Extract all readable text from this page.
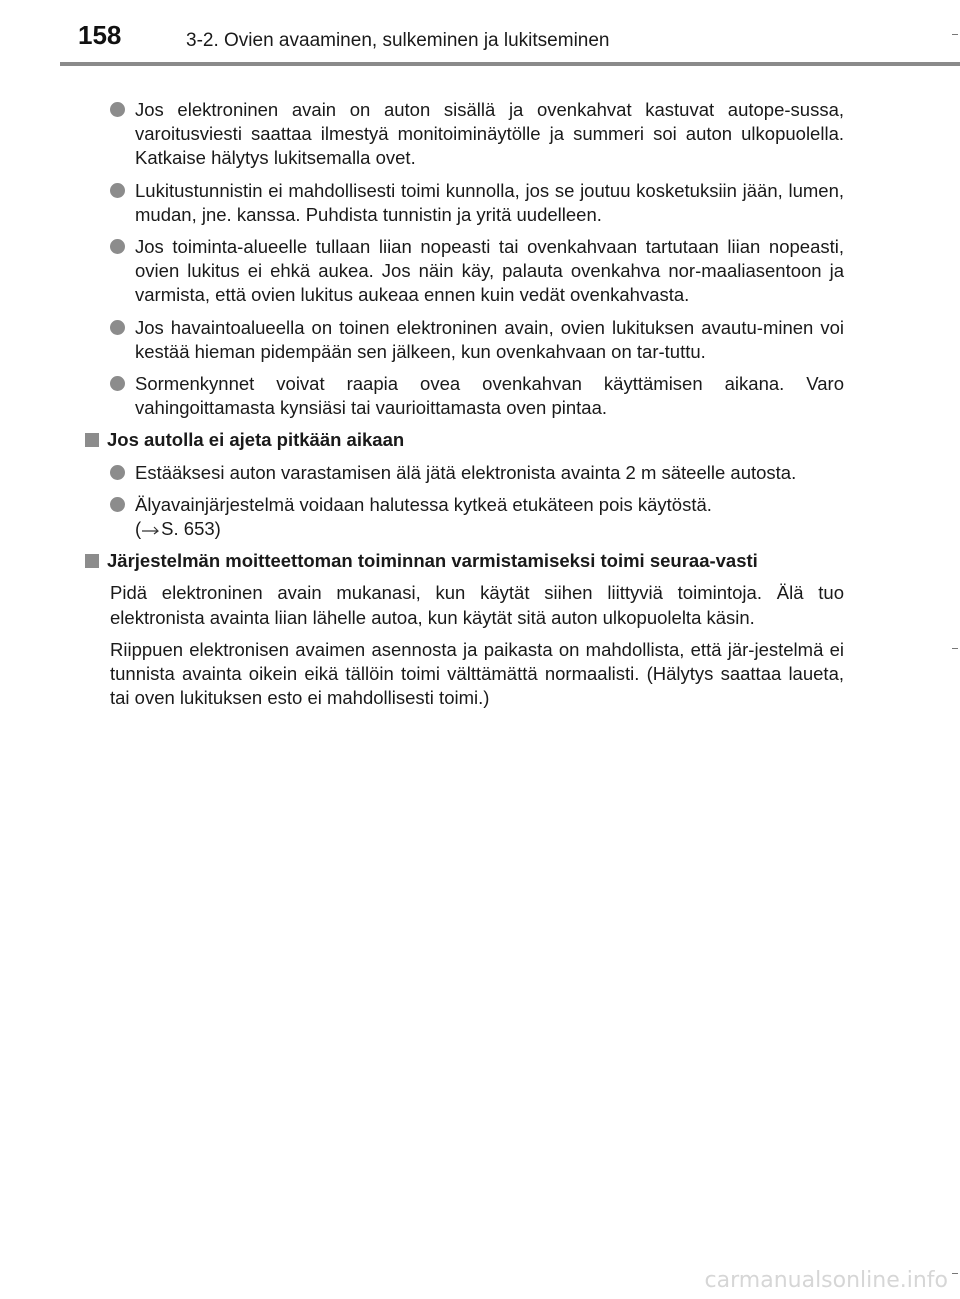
158	3-2. Ovien avaaminen, sulkeminen ja lukitseminen
Jos elektroninen avain on auton sisällä ja ovenkahvat kastuvat autope-sussa, varoitusviesti saattaa ilmestyä monitoiminäytölle ja summeri soi auton ulkopuolella. Katkaise hälytys lukitsemalla ovet.
Lukitustunnistin ei mahdollisesti toimi kunnolla, jos se joutuu kosketuksiin jään, lumen, mudan, jne. kanssa. Puhdista tunnistin ja yritä uudelleen.
Jos toiminta-alueelle tullaan liian nopeasti tai ovenkahvaan tartutaan liian nopeasti, ovien lukitus ei ehkä aukea. Jos näin käy, palauta ovenkahva nor-maaliasentoon ja varmista, että ovien lukitus aukeaa ennen kuin vedät ovenkahvasta.
Jos havaintoalueella on toinen elektroninen avain, ovien lukituksen avautu-minen voi kestää hieman pidempään sen jälkeen, kun ovenkahvaan on tar-tuttu.
Sormenkynnet voivat raapia ovea ovenkahvan käyttämisen aikana. Varo vahingoittamasta kynsiäsi tai vaurioittamasta oven pintaa.
Jos autolla ei ajeta pitkään aikaan
Estääksesi auton varastamisen älä jätä elektronista avainta 2 m säteelle autosta.
Älyavainjärjestelmä voidaan halutessa kytkeä etukäteen pois käytöstä.
( S. 653)
Järjestelmän moitteettoman toiminnan varmistamiseksi toimi seuraa-vasti
Pidä elektroninen avain mukanasi, kun käytät siihen liittyviä toimintoja. Älä tuo elektronista avainta liian lähelle autoa, kun käytät sitä auton ulkopuolelta käsin.
Riippuen elektronisen avaimen asennosta ja paikasta on mahdollista, että jär-jestelmä ei tunnista avainta oikein eikä tällöin toimi välttämättä normaalisti. (Hälytys saattaa laueta, tai oven lukituksen esto ei mahdollisesti toimi.)
carmanualsonline.info
